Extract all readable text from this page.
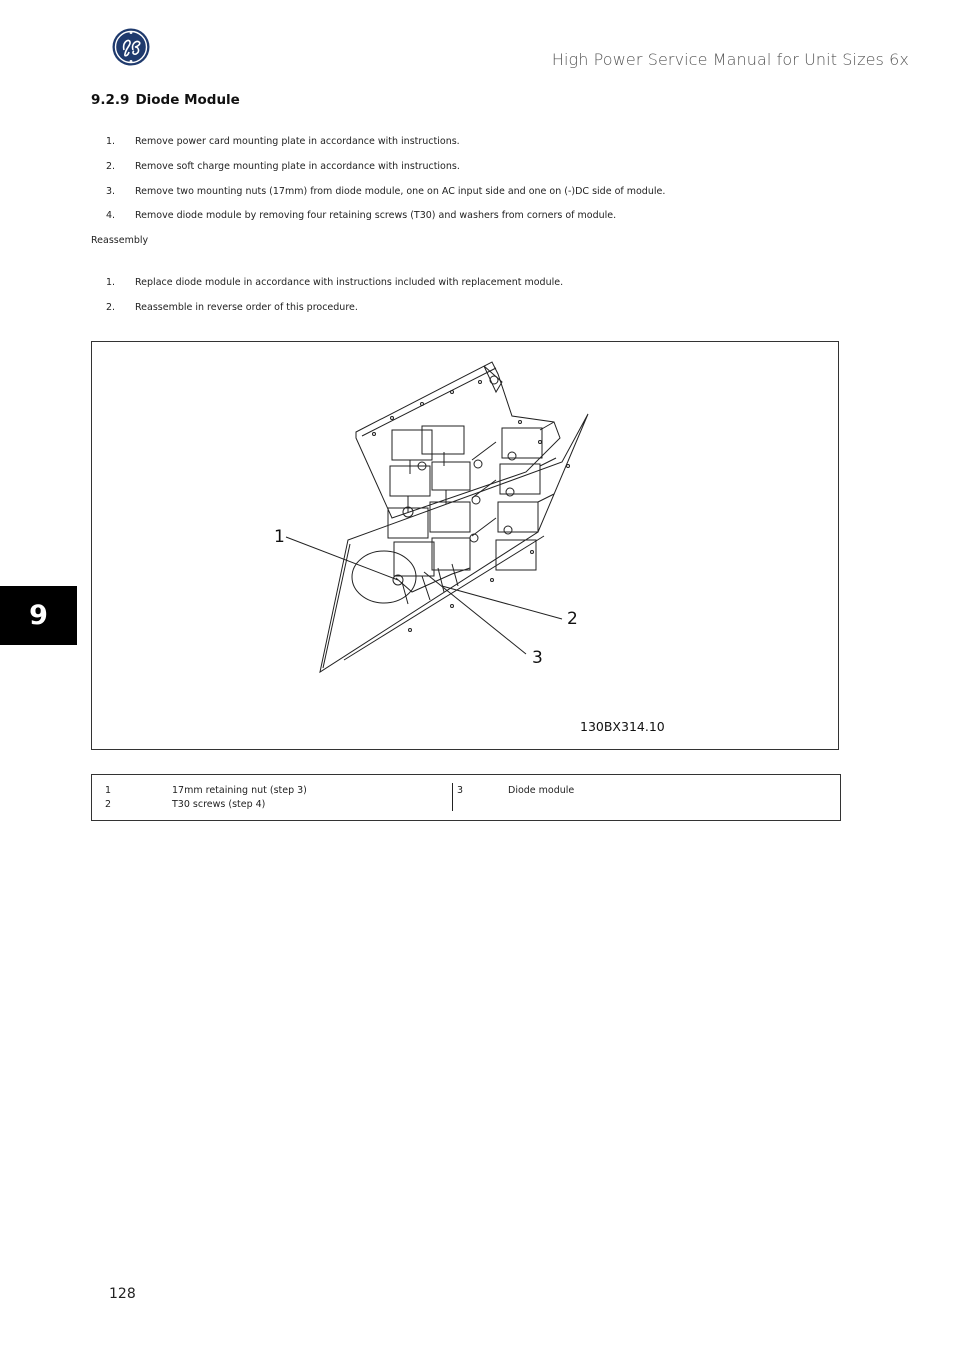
High Power Service Manual for Unit Sizes 6x
9.2.9 Diode Module
1. Remove power card mounting plate in accordance with instructions.
2. Remove soft charge mounting plate in accordance with instructions.
3. Remove two mounting nuts (17mm) from diode module, one on AC input side and one on (-)DC side of module.
4. Remove diode module by removing four retaining screws (T30) and washers from corners of module.
Reassembly
1. Replace diode module in accordance with instructions included with replacement module.
2. Reassemble in reverse order of this procedure.
1
2
3
130BX314.10
1	17mm retaining nut (step 3)
2	T30 screws (step 4)
3	Diode module
9
128
